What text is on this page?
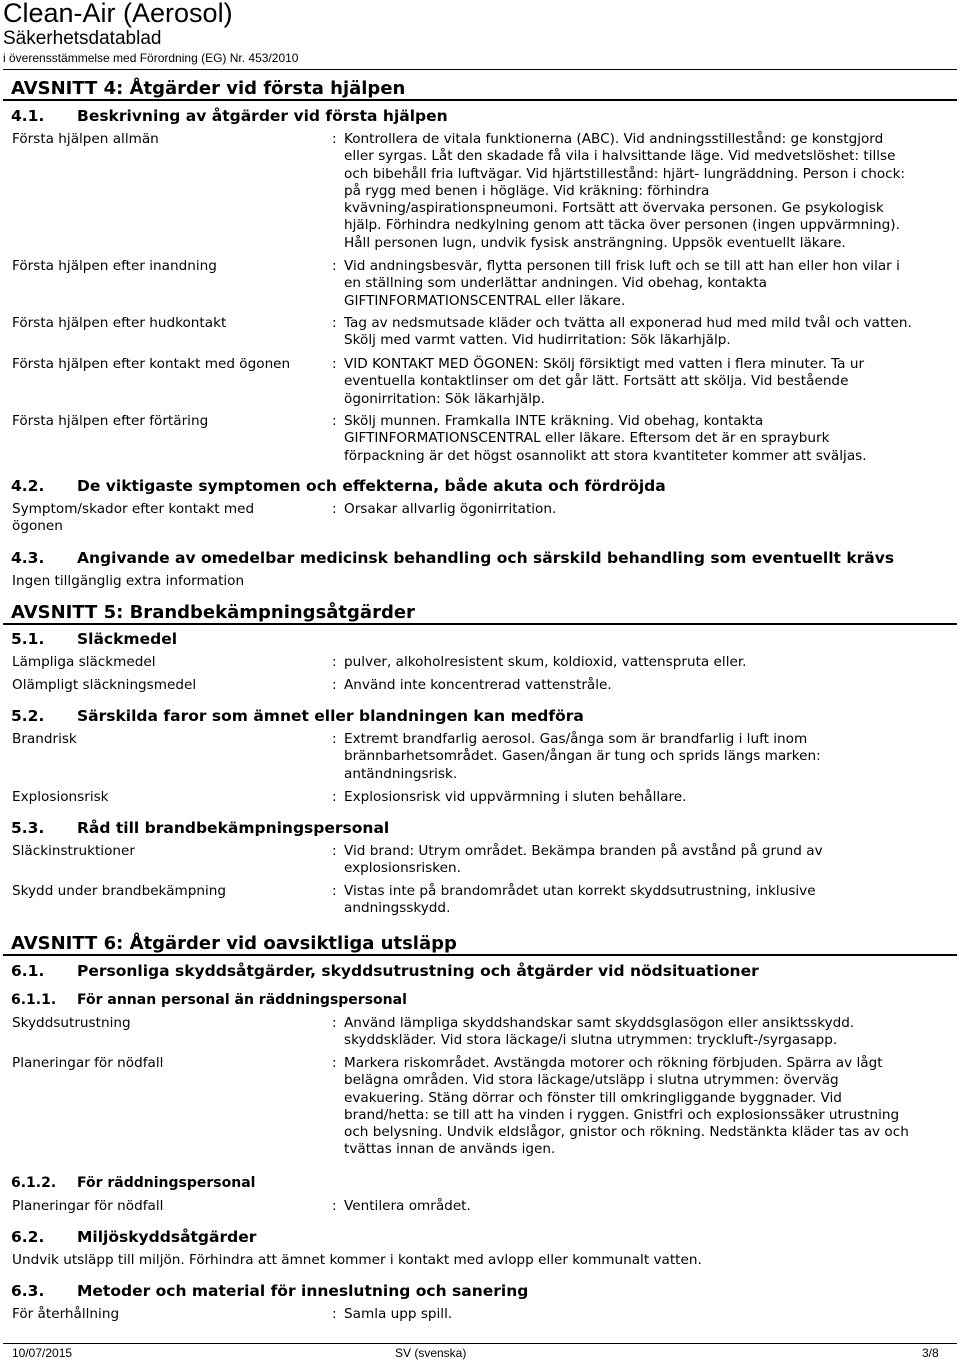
Clean-Air (Aerosol)
Säkerhetsdatablad
i överensstämmelse med Förordning (EG) Nr. 453/2010
AVSNITT 4: Åtgärder vid första hjälpen
4.1. Beskrivning av åtgärder vid första hjälpen
Första hjälpen allmän	: Kontrollera de vitala funktionerna (ABC). Vid andningsstillestånd: ge konstgjord
eller syrgas. Låt den skadade få vila i halvsittande läge. Vid medvetslöshet: tillse
och bibehåll fria luftvägar. Vid hjärtstillestånd: hjärt- lungräddning. Person i chock:
på rygg med benen i högläge. Vid kräkning: förhindra
kvävning/aspirationspneumoni. Fortsätt att övervaka personen. Ge psykologisk
hjälp. Förhindra nedkylning genom att täcka över personen (ingen uppvärmning).
Håll personen lugn, undvik fysisk ansträngning. Uppsök eventuellt läkare.
Första hjälpen efter inandning	: Vid andningsbesvär, flytta personen till frisk luft och se till att han eller hon vilar i
en ställning som underlättar andningen. Vid obehag, kontakta
GIFTINFORMATIONSCENTRAL eller läkare.
Första hjälpen efter hudkontakt	: Tag av nedsmutsade kläder och tvätta all exponerad hud med mild tvål och vatten.
Skölj med varmt vatten. Vid hudirritation: Sök läkarhjälp.
Första hjälpen efter kontakt med ögonen	: VID KONTAKT MED ÖGONEN: Skölj försiktigt med vatten i flera minuter. Ta ur
eventuella kontaktlinser om det går lätt. Fortsätt att skölja. Vid bestående
ögonirritation: Sök läkarhjälp.
Första hjälpen efter förtäring	: Skölj munnen. Framkalla INTE kräkning. Vid obehag, kontakta
GIFTINFORMATIONSCENTRAL eller läkare. Eftersom det är en sprayburk
förpackning är det högst osannolikt att stora kvantiteter kommer att sväljas.
4.2. De viktigaste symptomen och effekterna, både akuta och fördröjda
Symptom/skador efter kontakt med
ögonen
: Orsakar allvarlig ögonirritation.
4.3. Angivande av omedelbar medicinsk behandling och särskild behandling som eventuellt krävs
Ingen tillgänglig extra information
AVSNITT 5: Brandbekämpningsåtgärder
5.1. Släckmedel
Lämpliga släckmedel	: pulver, alkoholresistent skum, koldioxid, vattenspruta eller.
Olämpligt släckningsmedel	: Använd inte koncentrerad vattenstråle.
5.2. Särskilda faror som ämnet eller blandningen kan medföra
Brandrisk	: Extremt brandfarlig aerosol. Gas/ånga som är brandfarlig i luft inom
brännbarhetsområdet. Gasen/ångan är tung och sprids längs marken:
antändningsrisk.
Explosionsrisk	: Explosionsrisk vid uppvärmning i sluten behållare.
5.3. Råd till brandbekämpningspersonal
Släckinstruktioner	: Vid brand: Utrym området. Bekämpa branden på avstånd på grund av
explosionsrisken.
Skydd under brandbekämpning	: Vistas inte på brandområdet utan korrekt skyddsutrustning, inklusive
andningsskydd.
AVSNITT 6: Åtgärder vid oavsiktliga utsläpp
6.1. Personliga skyddsåtgärder, skyddsutrustning och åtgärder vid nödsituationer
6.1.1. För annan personal än räddningspersonal
Skyddsutrustning	: Använd lämpliga skyddshandskar samt skyddsglasögon eller ansiktsskydd.
skyddskläder. Vid stora läckage/i slutna utrymmen: tryckluft-/syrgasapp.
Planeringar för nödfall	: Markera riskområdet. Avstängda motorer och rökning förbjuden. Spärra av lågt
belägna områden. Vid stora läckage/utsläpp i slutna utrymmen: överväg
evakuering. Stäng dörrar och fönster till omkringliggande byggnader. Vid
brand/hetta: se till att ha vinden i ryggen. Gnistfri och explosionssäker utrustning
och belysning. Undvik eldslågor, gnistor och rökning. Nedstänkta kläder tas av och
tvättas innan de används igen.
6.1.2. För räddningspersonal
Planeringar för nödfall	: Ventilera området.
6.2. Miljöskyddsåtgärder
Undvik utsläpp till miljön. Förhindra att ämnet kommer i kontakt med avlopp eller kommunalt vatten.
6.3. Metoder och material för inneslutning och sanering
För återhållning	: Samla upp spill.
10/07/2015	SV (svenska)	3/8
